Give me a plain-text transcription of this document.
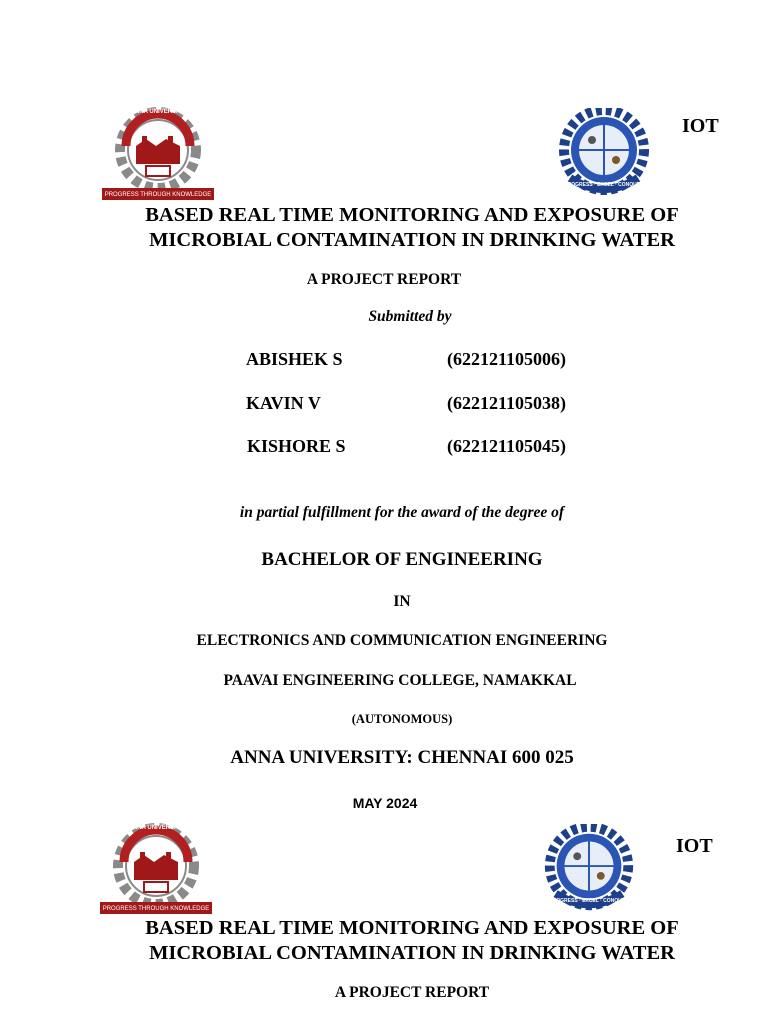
PROGRESS THROUGH KNOWLEDGE
ANNA UNIVERSITY
PROGRESS · EXCEL · CONQUER
IOT
BASED REAL TIME MONITORING AND EXPOSURE OF
MICROBIAL CONTAMINATION IN DRINKING WATER
A PROJECT REPORT
Submitted by
ABISHEK S	(622121105006)
KAVIN V	(622121105038)
KISHORE S	(622121105045)
in partial fulfillment for the award of the degree of
BACHELOR OF ENGINEERING
IN
ELECTRONICS AND COMMUNICATION ENGINEERING
PAAVAI ENGINEERING COLLEGE, NAMAKKAL
(AUTONOMOUS)
ANNA UNIVERSITY: CHENNAI 600 025
MAY 2024
PROGRESS THROUGH KNOWLEDGE
ANNA UNIVERSITY
PROGRESS · EXCEL · CONQUER
IOT
BASED REAL TIME MONITORING AND EXPOSURE OF
MICROBIAL CONTAMINATION IN DRINKING WATER
A PROJECT REPORT
